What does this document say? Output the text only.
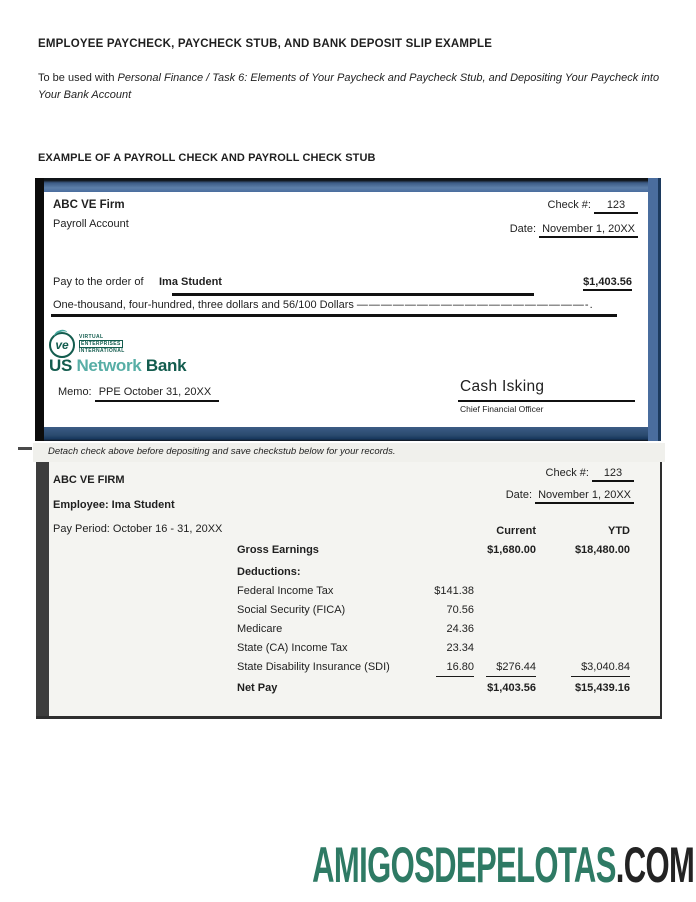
EMPLOYEE PAYCHECK, PAYCHECK STUB, AND BANK DEPOSIT SLIP EXAMPLE
To be used with Personal Finance / Task 6: Elements of Your Paycheck and Paycheck Stub, and Depositing Your Paycheck into Your Bank Account
EXAMPLE OF A PAYROLL CHECK AND PAYROLL CHECK STUB
ABC VE Firm
Payroll Account
Check #: 123
Date: November 1, 20XX
Pay to the order of Ima Student	$1,403.56
One-thousand, four-hundred, three dollars and 56/100 Dollars ———————————————————-.
ve
VIRTUAL
ENTERPRISES
INTERNATIONAL
US Network Bank
Memo: PPE October 31, 20XX	Cash Isking
Chief Financial Officer
Detach check above before depositing and save checkstub below for your records.
ABC VE FIRM
Check #: 123
Date: November 1, 20XX
Employee: Ima Student
Pay Period: October 16 - 31, 20XX	Current	YTD
Gross Earnings	$1,680.00	$18,480.00
Deductions:
Federal Income Tax	$141.38
Social Security (FICA)	70.56
Medicare	24.36
State (CA) Income Tax	23.34
State Disability Insurance (SDI)	16.80	$276.44	$3,040.84
Net Pay	$1,403.56	$15,439.16
AMIGOSDEPELOTAS.COM
